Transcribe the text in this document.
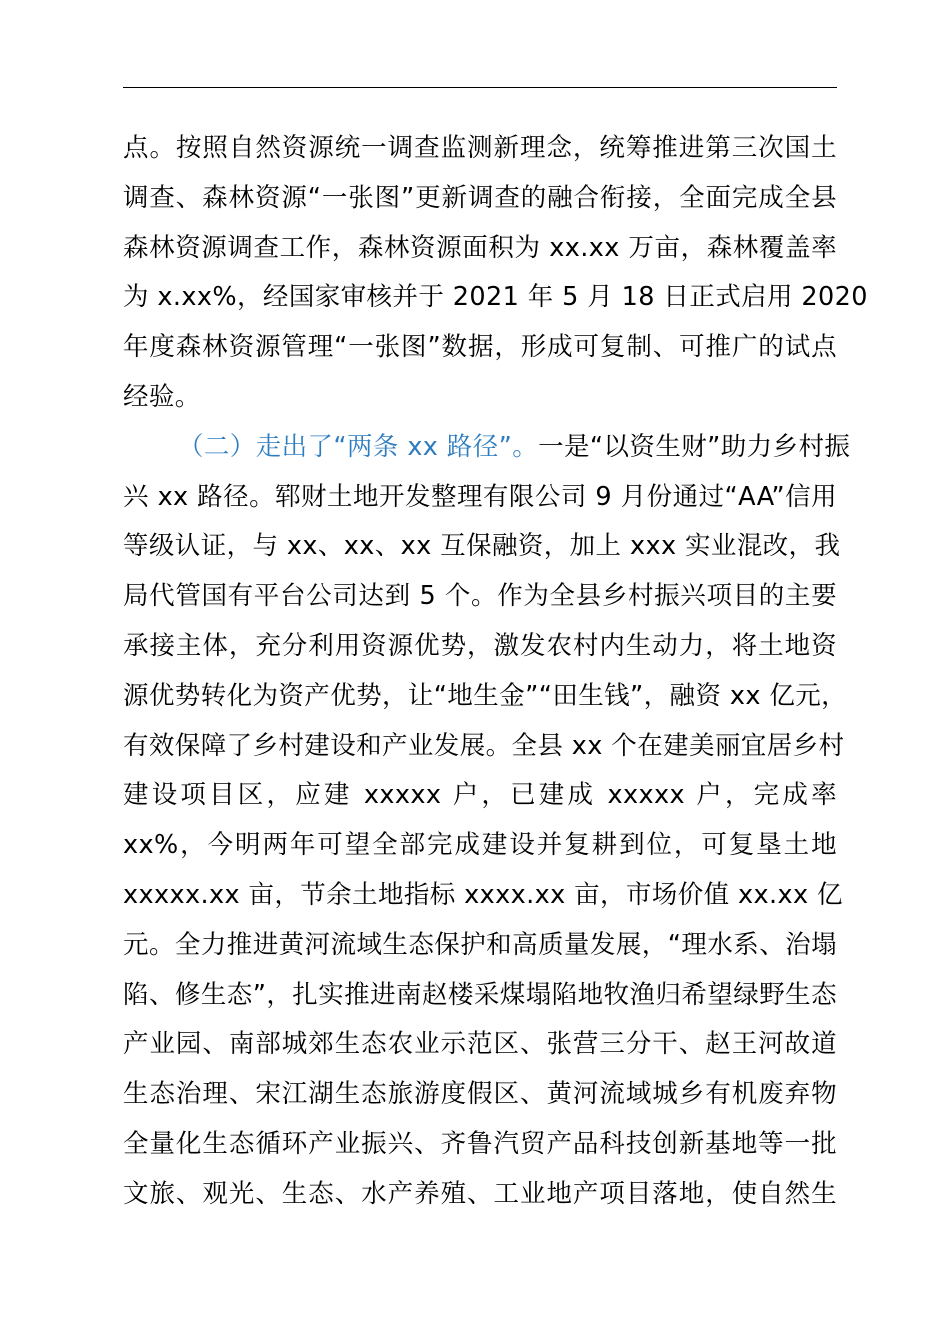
点。按照自然资源统一调查监测新理念，统筹推进第三次国土
调查、森林资源“一张图”更新调查的融合衔接，全面完成全县
森林资源调查工作，森林资源面积为 xx.xx 万亩，森林覆盖率
为 x.xx%，经国家审核并于 2021 年 5 月 18 日正式启用 2020
年度森林资源管理“一张图”数据，形成可复制、可推广的试点
经验。
（二）走出了“两条 xx 路径”。一是“以资生财”助力乡村振
兴 xx 路径。郓财土地开发整理有限公司 9 月份通过“AA”信用
等级认证，与 xx、xx、xx 互保融资，加上 xxx 实业混改，我
局代管国有平台公司达到 5 个。作为全县乡村振兴项目的主要
承接主体，充分利用资源优势，激发农村内生动力，将土地资
源优势转化为资产优势，让“地生金”“田生钱”，融资 xx 亿元，
有效保障了乡村建设和产业发展。全县 xx 个在建美丽宜居乡村
建设项目区，应建 xxxxx 户，已建成 xxxxx 户，完成率
xx%，今明两年可望全部完成建设并复耕到位，可复垦土地
xxxxx.xx 亩，节余土地指标 xxxx.xx 亩，市场价值 xx.xx 亿
元。全力推进黄河流域生态保护和高质量发展，“理水系、治塌
陷、修生态”，扎实推进南赵楼采煤塌陷地牧渔归希望绿野生态
产业园、南部城郊生态农业示范区、张营三分干、赵王河故道
生态治理、宋江湖生态旅游度假区、黄河流域城乡有机废弃物
全量化生态循环产业振兴、齐鲁汽贸产品科技创新基地等一批
文旅、观光、生态、水产养殖、工业地产项目落地，使自然生
